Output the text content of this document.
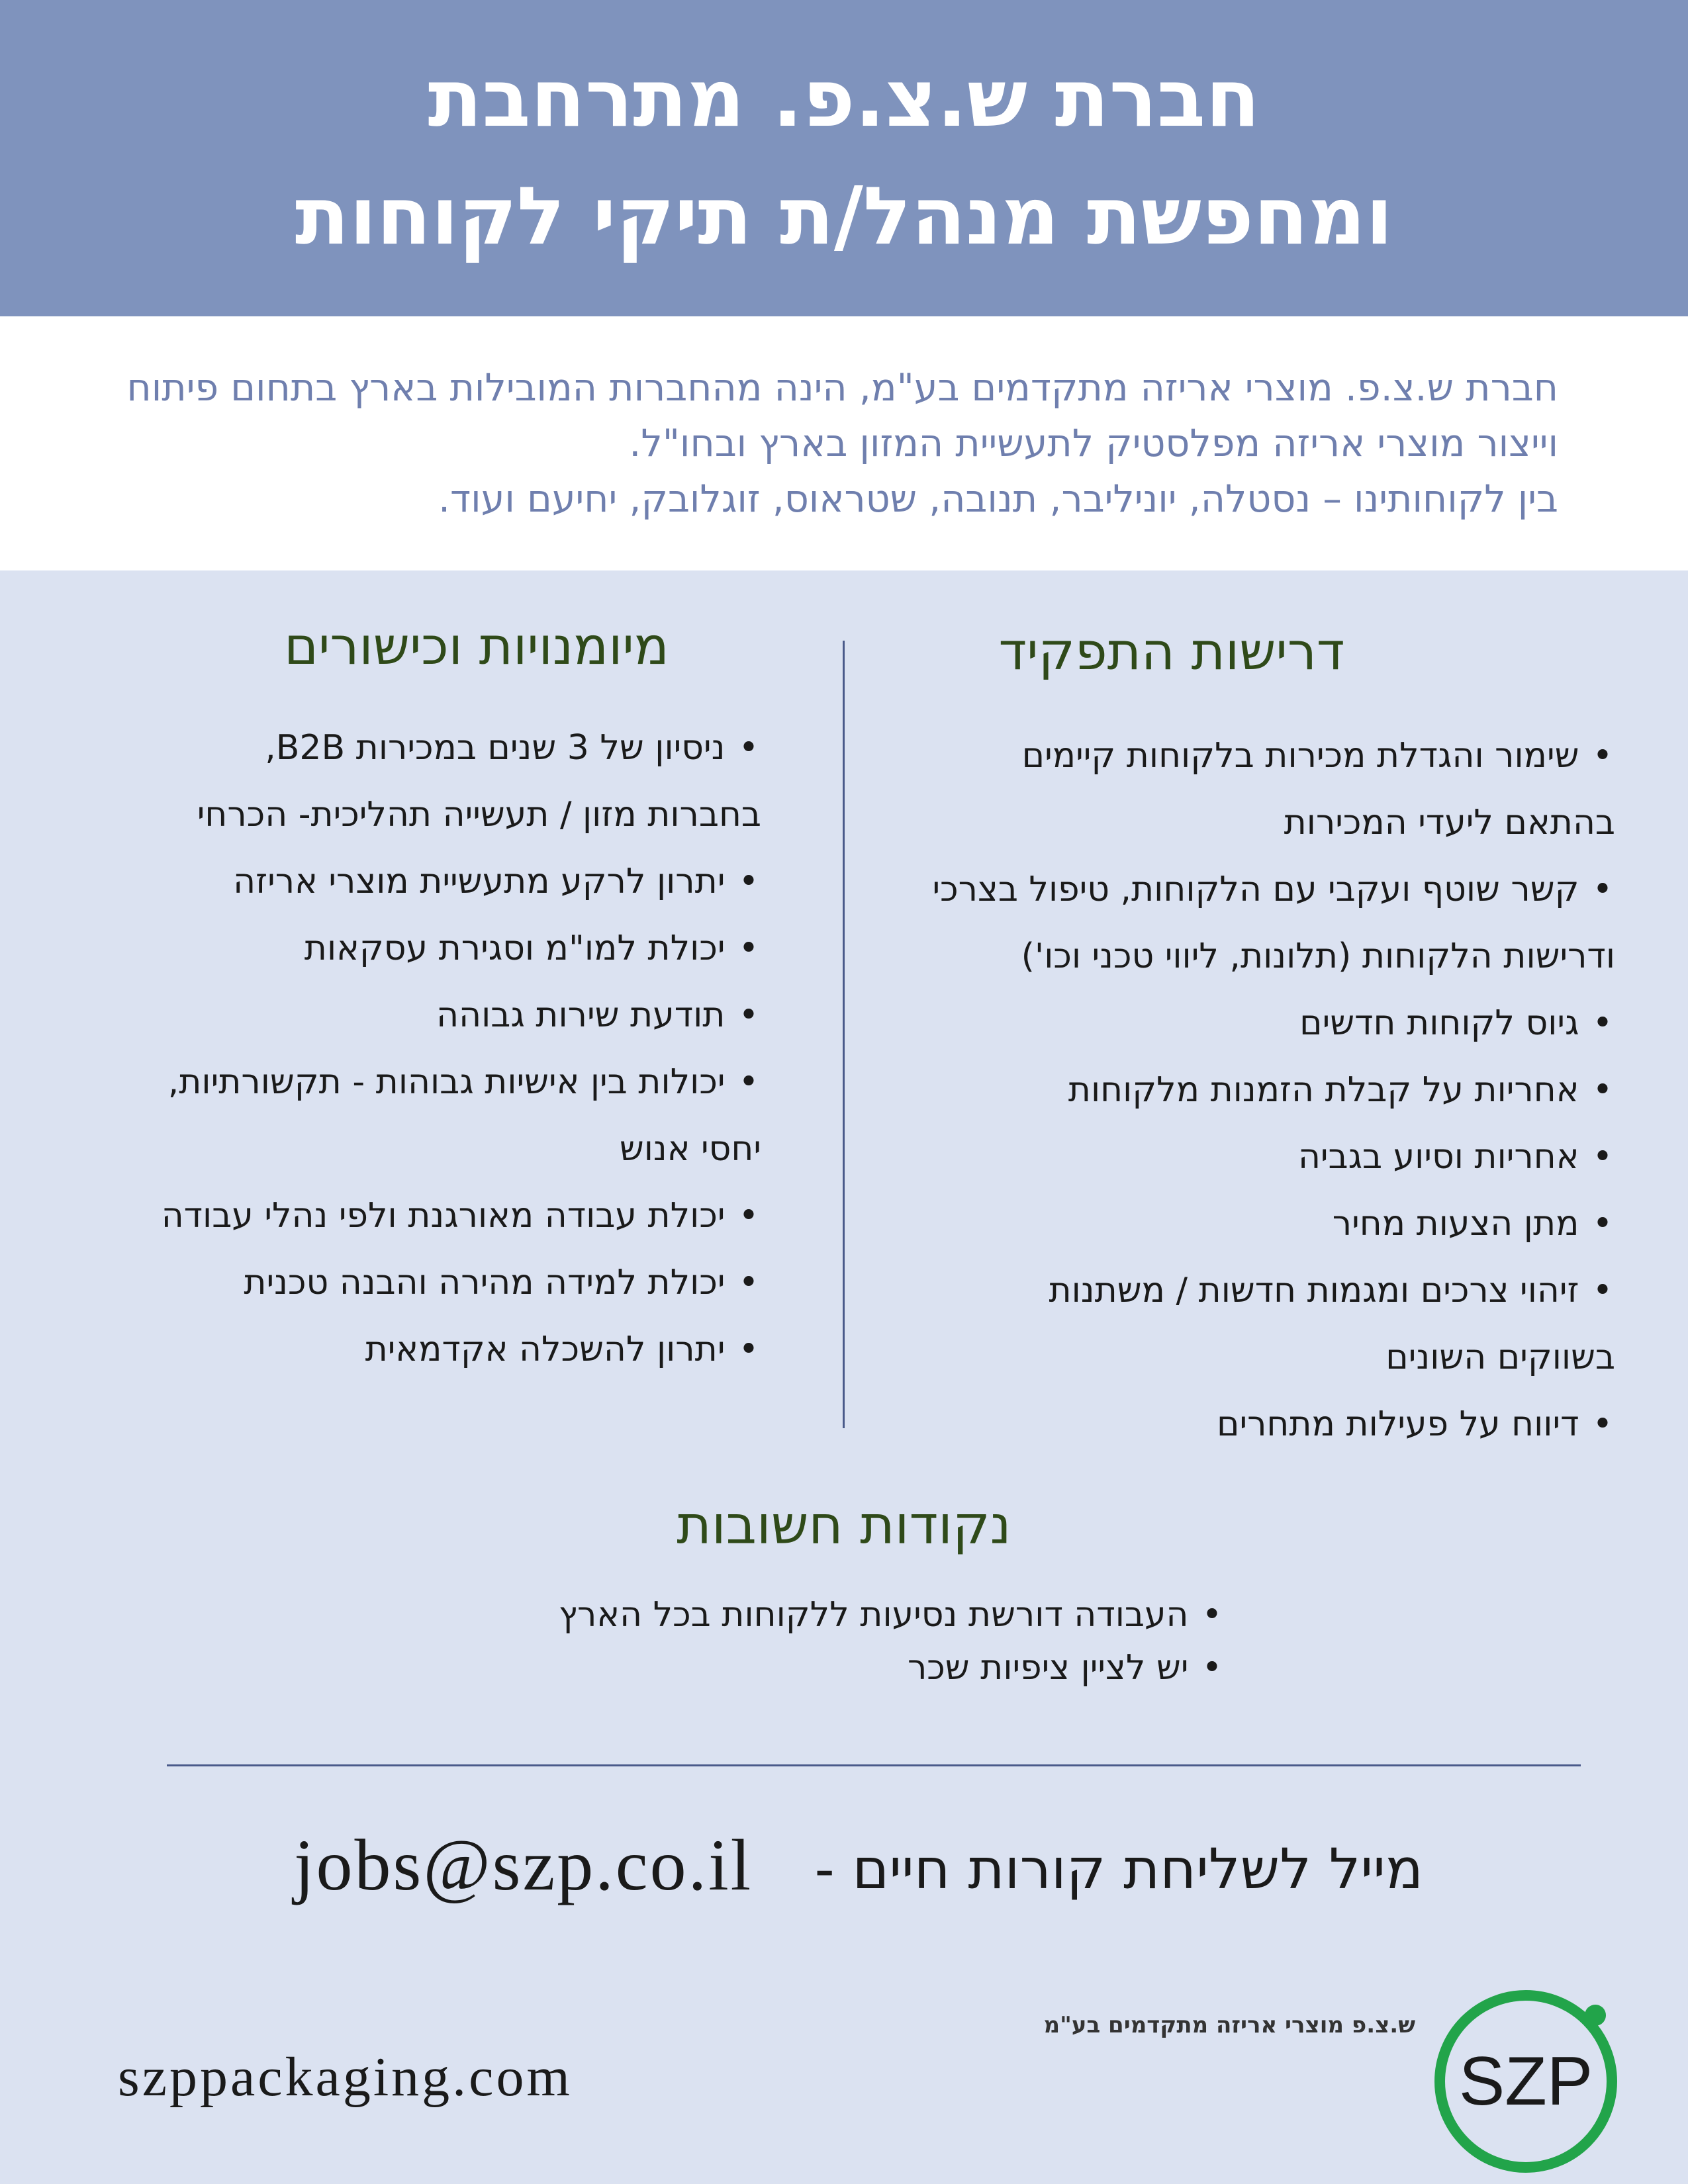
חברת ש.צ.פ. מתרחבת
ומחפשת מנהל/ת תיקי לקוחות

חברת ש.צ.פ. מוצרי אריזה מתקדמים בע"מ, הינה מהחברות המובילות בארץ בתחום פיתוח

וייצור מוצרי אריזה מפלסטיק לתעשיית המזון בארץ ובחו"ל.

בין לקוחותינו – נסטלה, יוניליבר, תנובה, שטראוס, זוגלובק, יחיעם ועוד.

דרישות התפקיד
• שימור והגדלת מכירות בלקוחות קיימים
בהתאם ליעדי המכירות
• קשר שוטף ועקבי עם הלקוחות, טיפול בצרכי
ודרישות הלקוחות (תלונות, ליווי טכני וכו')
• גיוס לקוחות חדשים
• אחריות על קבלת הזמנות מלקוחות
• אחריות וסיוע בגביה
• מתן הצעות מחיר
• זיהוי צרכים ומגמות חדשות / משתנות
בשווקים השונים
• דיווח על פעילות מתחרים
מיומנויות וכישורים
• ניסיון של 3 שנים במכירות B2B,
בחברות מזון / תעשייה תהליכית- הכרחי
• יתרון לרקע מתעשיית מוצרי אריזה
• יכולת למו"מ וסגירת עסקאות
• תודעת שירות גבוהה
• יכולות בין אישיות גבוהות - תקשורתיות,
יחסי אנוש
• יכולת עבודה מאורגנת ולפי נהלי עבודה
• יכולת למידה מהירה והבנה טכנית
• יתרון להשכלה אקדמאית
נקודות חשובות
• העבודה דורשת נסיעות ללקוחות בכל הארץ
• יש לציין ציפיות שכר
מייל לשליחת קורות חיים -
jobs@szp.co.il
szppackaging.com
ש.צ.פ מוצרי אריזה מתקדמים בע"מ
SZP
